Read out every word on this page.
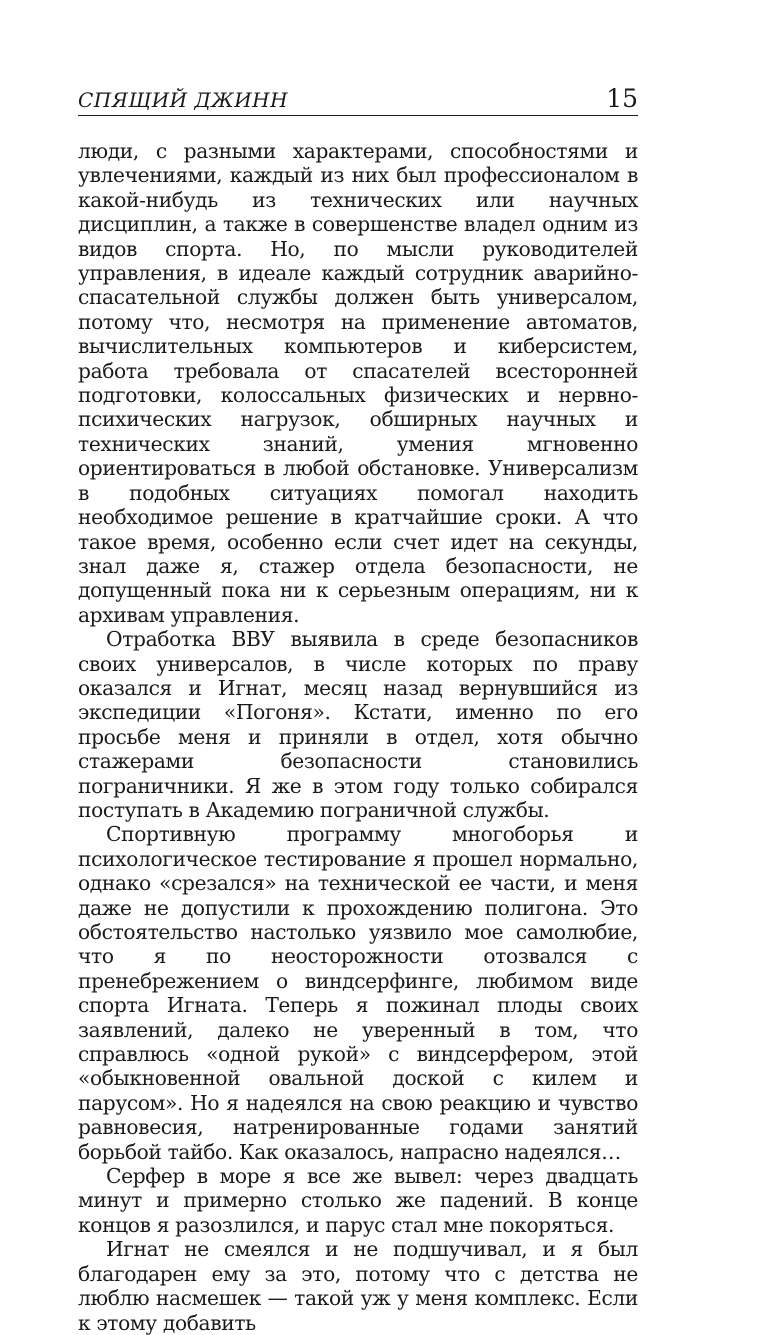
СПЯЩИЙ ДЖИНН	15

люди, с разными характерами, способностями и увлечениями, каждый из них был профессионалом в какой-нибудь из технических или научных дисциплин, а также в совершенстве владел одним из видов спорта. Но, по мысли руководителей управления, в идеале каждый сотрудник аварийно-спасательной службы должен быть универсалом, потому что, несмотря на применение автоматов, вычислительных компьютеров и киберсистем, работа требовала от спасателей всесторонней подготовки, колоссальных физических и нервно-психических нагрузок, обширных научных и технических знаний, умения мгновенно ориентироваться в любой обстановке. Универсализм в подобных ситуациях помогал находить необходимое решение в кратчайшие сроки. А что такое время, особенно если счет идет на секунды, знал даже я, стажер отдела безопасности, не допущенный пока ни к серьезным операциям, ни к архивам управления.

Отработка ВВУ выявила в среде безопасников своих универсалов, в числе которых по праву оказался и Игнат, месяц назад вернувшийся из экспедиции «Погоня». Кстати, именно по его просьбе меня и приняли в отдел, хотя обычно стажерами безопасности становились пограничники. Я же в этом году только собирался поступать в Академию пограничной службы.

Спортивную программу многоборья и психологическое тестирование я прошел нормально, однако «срезался» на технической ее части, и меня даже не допустили к прохождению полигона. Это обстоятельство настолько уязвило мое самолюбие, что я по неосторожности отозвался с пренебрежением о виндсерфинге, любимом виде спорта Игната. Теперь я пожинал плоды своих заявлений, далеко не уверенный в том, что справлюсь «одной рукой» с виндсерфером, этой «обыкновенной овальной доской с килем и парусом». Но я надеялся на свою реакцию и чувство равновесия, натренированные годами занятий борьбой тайбо. Как оказалось, напрасно надеялся…

Серфер в море я все же вывел: через двадцать минут и примерно столько же падений. В конце концов я разозлился, и парус стал мне покоряться.

Игнат не смеялся и не подшучивал, и я был благодарен ему за это, потому что с детства не люблю насмешек — такой уж у меня комплекс. Если к этому добавить
